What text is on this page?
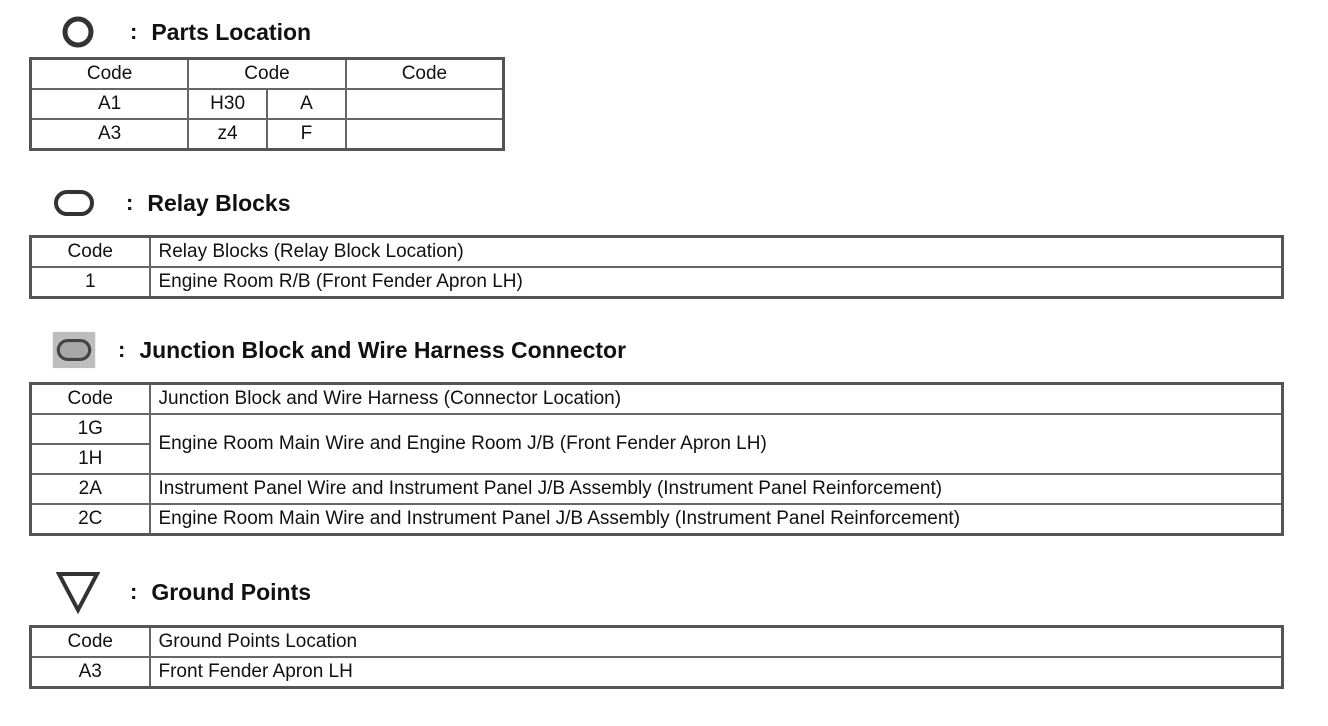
: Parts Location
Code	Code		Code
A1	H30	A	
A3	z4	F	
: Relay Blocks
Code	Relay Blocks (Relay Block Location)
1	Engine Room R/B (Front Fender Apron LH)
: Junction Block and Wire Harness Connector
Code	Junction Block and Wire Harness (Connector Location)
1G	Engine Room Main Wire and Engine Room J/B (Front Fender Apron LH)
1H	
2A	Instrument Panel Wire and Instrument Panel J/B Assembly (Instrument Panel Reinforcement)
2C	Engine Room Main Wire and Instrument Panel J/B Assembly (Instrument Panel Reinforcement)
: Ground Points
Code	Ground Points Location
A3	Front Fender Apron LH
